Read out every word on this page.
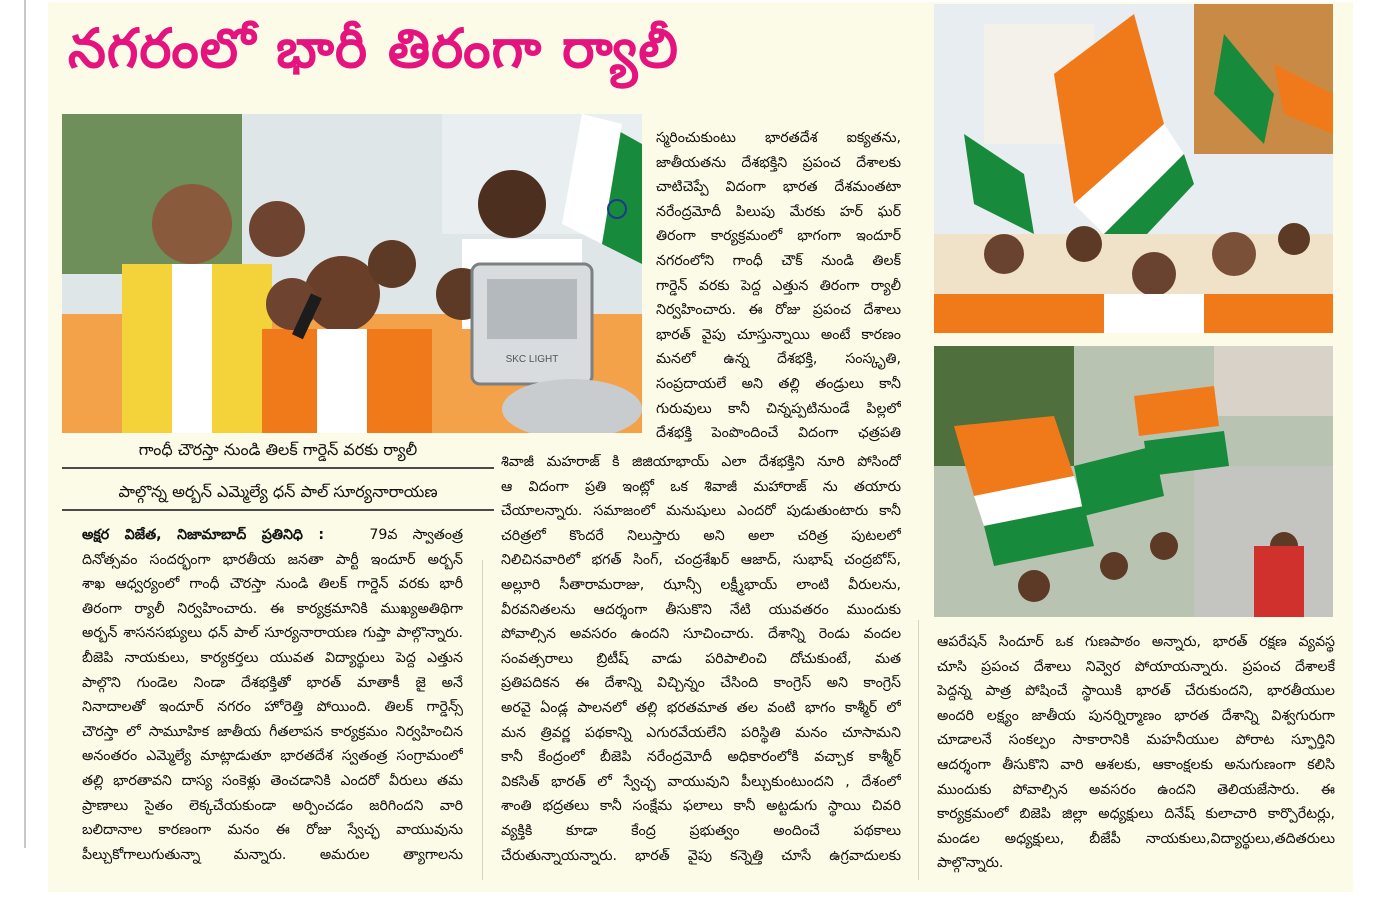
నగరంలో భారీ తిరంగా ర్యాలీ
SKC LIGHT
గాంధీ చౌరస్తా నుండి తిలక్ గార్డెన్ వరకు ర్యాలీ
పాల్గొన్న అర్బన్ ఎమ్మెల్యే ధన్ పాల్ సూర్యనారాయణ

అక్షర విజేత, నిజామాబాద్ ప్రతినిధి :	79వ స్వాతంత్ర

దినోత్సవం సందర్భంగా భారతీయ జనతా పార్టీ ఇందూర్ అర్బన్

శాఖ ఆధ్వర్యంలో గాంధీ చౌరస్తా నుండి తిలక్ గార్డెన్ వరకు భారీ

తిరంగా ర్యాలీ నిర్వహించారు. ఈ కార్యక్రమానికి ముఖ్యఅతిథిగా

అర్బన్ శాసనసభ్యులు ధన్ పాల్ సూర్యనారాయణ గుప్తా పాల్గొన్నారు.

బీజెపి నాయకులు, కార్యకర్తలు యువత విద్యార్థులు పెద్ద ఎత్తున

పాల్గొని గుండెల నిండా దేశభక్తితో భారత్ మాతాకీ జై అనే

నినాదాలతో ఇందూర్ నగరం హోరెత్తి పోయింది. తిలక్ గార్డెన్స్

చౌరస్తా లో సామూహిక జాతీయ గీతలాపన కార్యక్రమం నిర్వహించిన

అనంతరం ఎమ్మెల్యే మాట్లాడుతూ భారతదేశ స్వతంత్ర సంగ్రామంలో

తల్లి భారతావని దాస్య సంకెళ్లు తెంచడానికి ఎందరో వీరులు తమ

ప్రాణాలు సైతం లెక్కచేయకుండా అర్పించడం జరిగిందని వారి

బలిదానాల కారణంగా మనం ఈ రోజు స్వేచ్ఛ వాయువును

పీల్చుకోగాలుగుతున్నా మన్నారు. అమరుల త్యాగాలను

స్మరించుకుంటు భారతదేశ ఐక్యతను,

జాతీయతను దేశభక్తిని ప్రపంచ దేశాలకు

చాటిచెప్పే విదంగా భారత దేశమంతటా

నరేంద్రమోదీ పిలుపు మేరకు హర్ ఘర్

తిరంగా కార్యక్రమంలో భాగంగా ఇందూర్

నగరంలోని గాంధీ చౌక్ నుండి తిలక్

గార్డెన్ వరకు పెద్ద ఎత్తున తిరంగా ర్యాలీ

నిర్వహించారు. ఈ రోజు ప్రపంచ దేశాలు

భారత్ వైపు చూస్తున్నాయి అంటే కారణం

మనలో ఉన్న దేశభక్తి, సంస్కృతి,

సంప్రదాయలే అని తల్లి తండ్రులు కానీ

గురువులు కానీ చిన్నప్పటినుండే పిల్లలో

దేశభక్తి పెంపొందించే విదంగా ఛత్రపతి

శివాజీ మహరాజ్ కి జిజియాభాయ్ ఎలా దేశభక్తిని నూరి పోసిందో

ఆ విదంగా ప్రతి ఇంట్లో ఒక శివాజీ మహారాజ్ ను తయారు

చేయాలన్నారు. సమాజంలో మనుషులు ఎందరో పుడుతుంటారు కానీ

చరిత్రలో కొందరే నిలుస్తారు అని అలా చరిత్ర పుటలలో

నిలిచినవారిలో భగత్ సింగ్, చంద్రశేఖర్ ఆజాద్, సుభాష్ చంద్రబోస్,

అల్లూరి సీతారామరాజు, ఝాన్సీ లక్ష్మీభాయ్ లాంటి వీరులను,

వీరవనితలను ఆదర్శంగా తీసుకొని నేటి యువతరం ముందుకు

పోవాల్సిన అవసరం ఉందని సూచించారు. దేశాన్ని రెండు వందల

సంవత్సరాలు బ్రిటీష్ వాడు పరిపాలించి దోచుకుంటే, మత

ప్రతిపదికన ఈ దేశాన్ని విచ్చిన్నం చేసింది కాంగ్రెస్ అని కాంగ్రెస్

అరవై ఏండ్ల పాలనలో తల్లి భరతమాత తల వంటి భాగం కాశ్మీర్ లో

మన త్రివర్ణ పథకాన్ని ఎగురవేయలేని పరిస్థితి మనం చూసామని

కానీ కేంద్రంలో బీజెపి నరేంద్రమోదీ అధికారంలోకి వచ్చాక కాశ్మీర్

వికసిత్ భారత్ లో స్వేచ్ఛ వాయువుని పీల్చుకుంటుందని , దేశంలో

శాంతి భద్రతలు కానీ సంక్షేమ ఫలాలు కానీ అట్టడుగు స్థాయి చివరి

వ్యక్తికి కూడా కేంద్ర ప్రభుత్వం అందించే పథకాలు

చేరుతున్నాయన్నారు. భారత్ వైపు కన్నెత్తి చూసే ఉగ్రవాదులకు

ఆపరేషన్ సిందూర్ ఒక గుణపాఠం అన్నారు, భారత్ రక్షణ వ్యవస్థ

చూసి ప్రపంచ దేశాలు నివ్వెర పోయాయన్నారు. ప్రపంచ దేశాలకే

పెద్దన్న పాత్ర పోషించే స్థాయికి భారత్ చేరుకుందని, భారతీయుల

అందరి లక్ష్యం జాతీయ పునర్నిర్మాణం భారత దేశాన్ని విశ్వగురుగా

చూడాలనే సంకల్పం సాకారానికి మహనీయుల పోరాట స్ఫూర్తిని

ఆదర్శంగా తీసుకొని వారి ఆశలకు, ఆకాంక్షలకు అనుగుణంగా కలిసి

ముందుకు పోవాల్సిన అవసరం ఉందని తెలియజేసారు. ఈ

కార్యక్రమంలో బిజెపి జిల్లా అధ్యక్షులు దినేష్ కులాచారి కార్పొరేటర్లు,

మండల అధ్యక్షులు, బీజేపీ నాయకులు,విద్యార్థులు,తదితరులు

పాల్గొన్నారు.
